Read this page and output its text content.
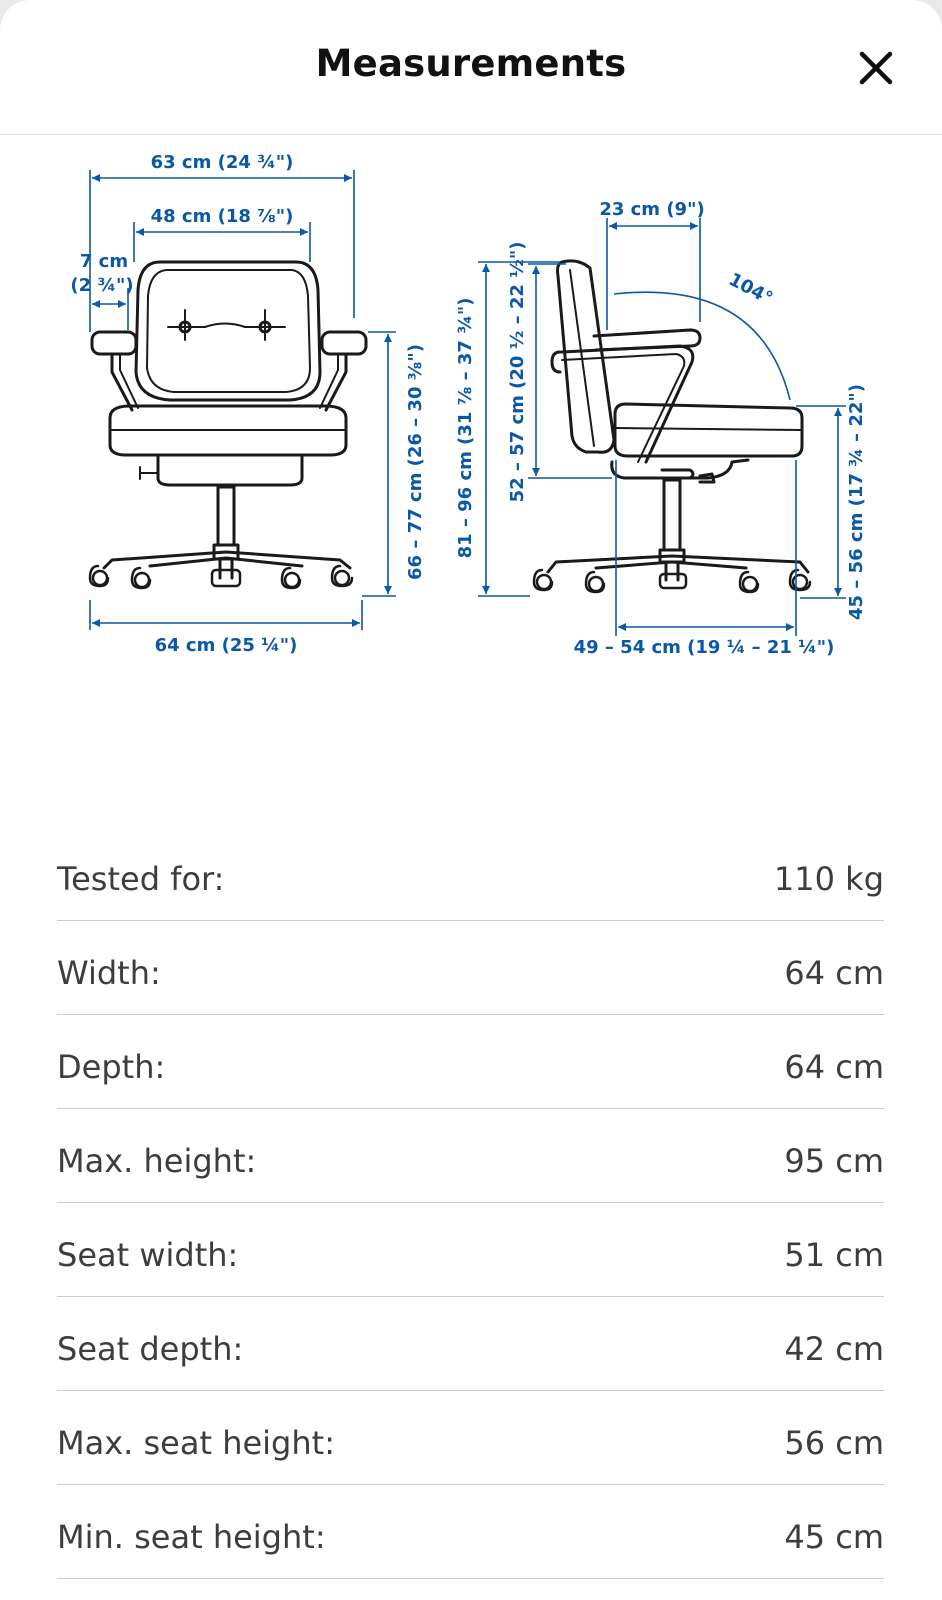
Measurements
63 cm (24 ¾")
48 cm (18 ⅞")
7 cm
(2 ¾")
66 – 77 cm (26 – 30 ⅜")
64 cm (25 ¼")
23 cm (9")
104°
81 – 96 cm (31 ⅞ – 37 ¾") 52 – 57 cm (20 ½ – 22 ½")	45 – 56 cm (17 ¾ – 22")
49 – 54 cm (19 ¼ – 21 ¼")
Tested for:	110 kg
Width:	64 cm
Depth:	64 cm
Max. height:	95 cm
Seat width:	51 cm
Seat depth:	42 cm
Max. seat height:	56 cm
Min. seat height:	45 cm
